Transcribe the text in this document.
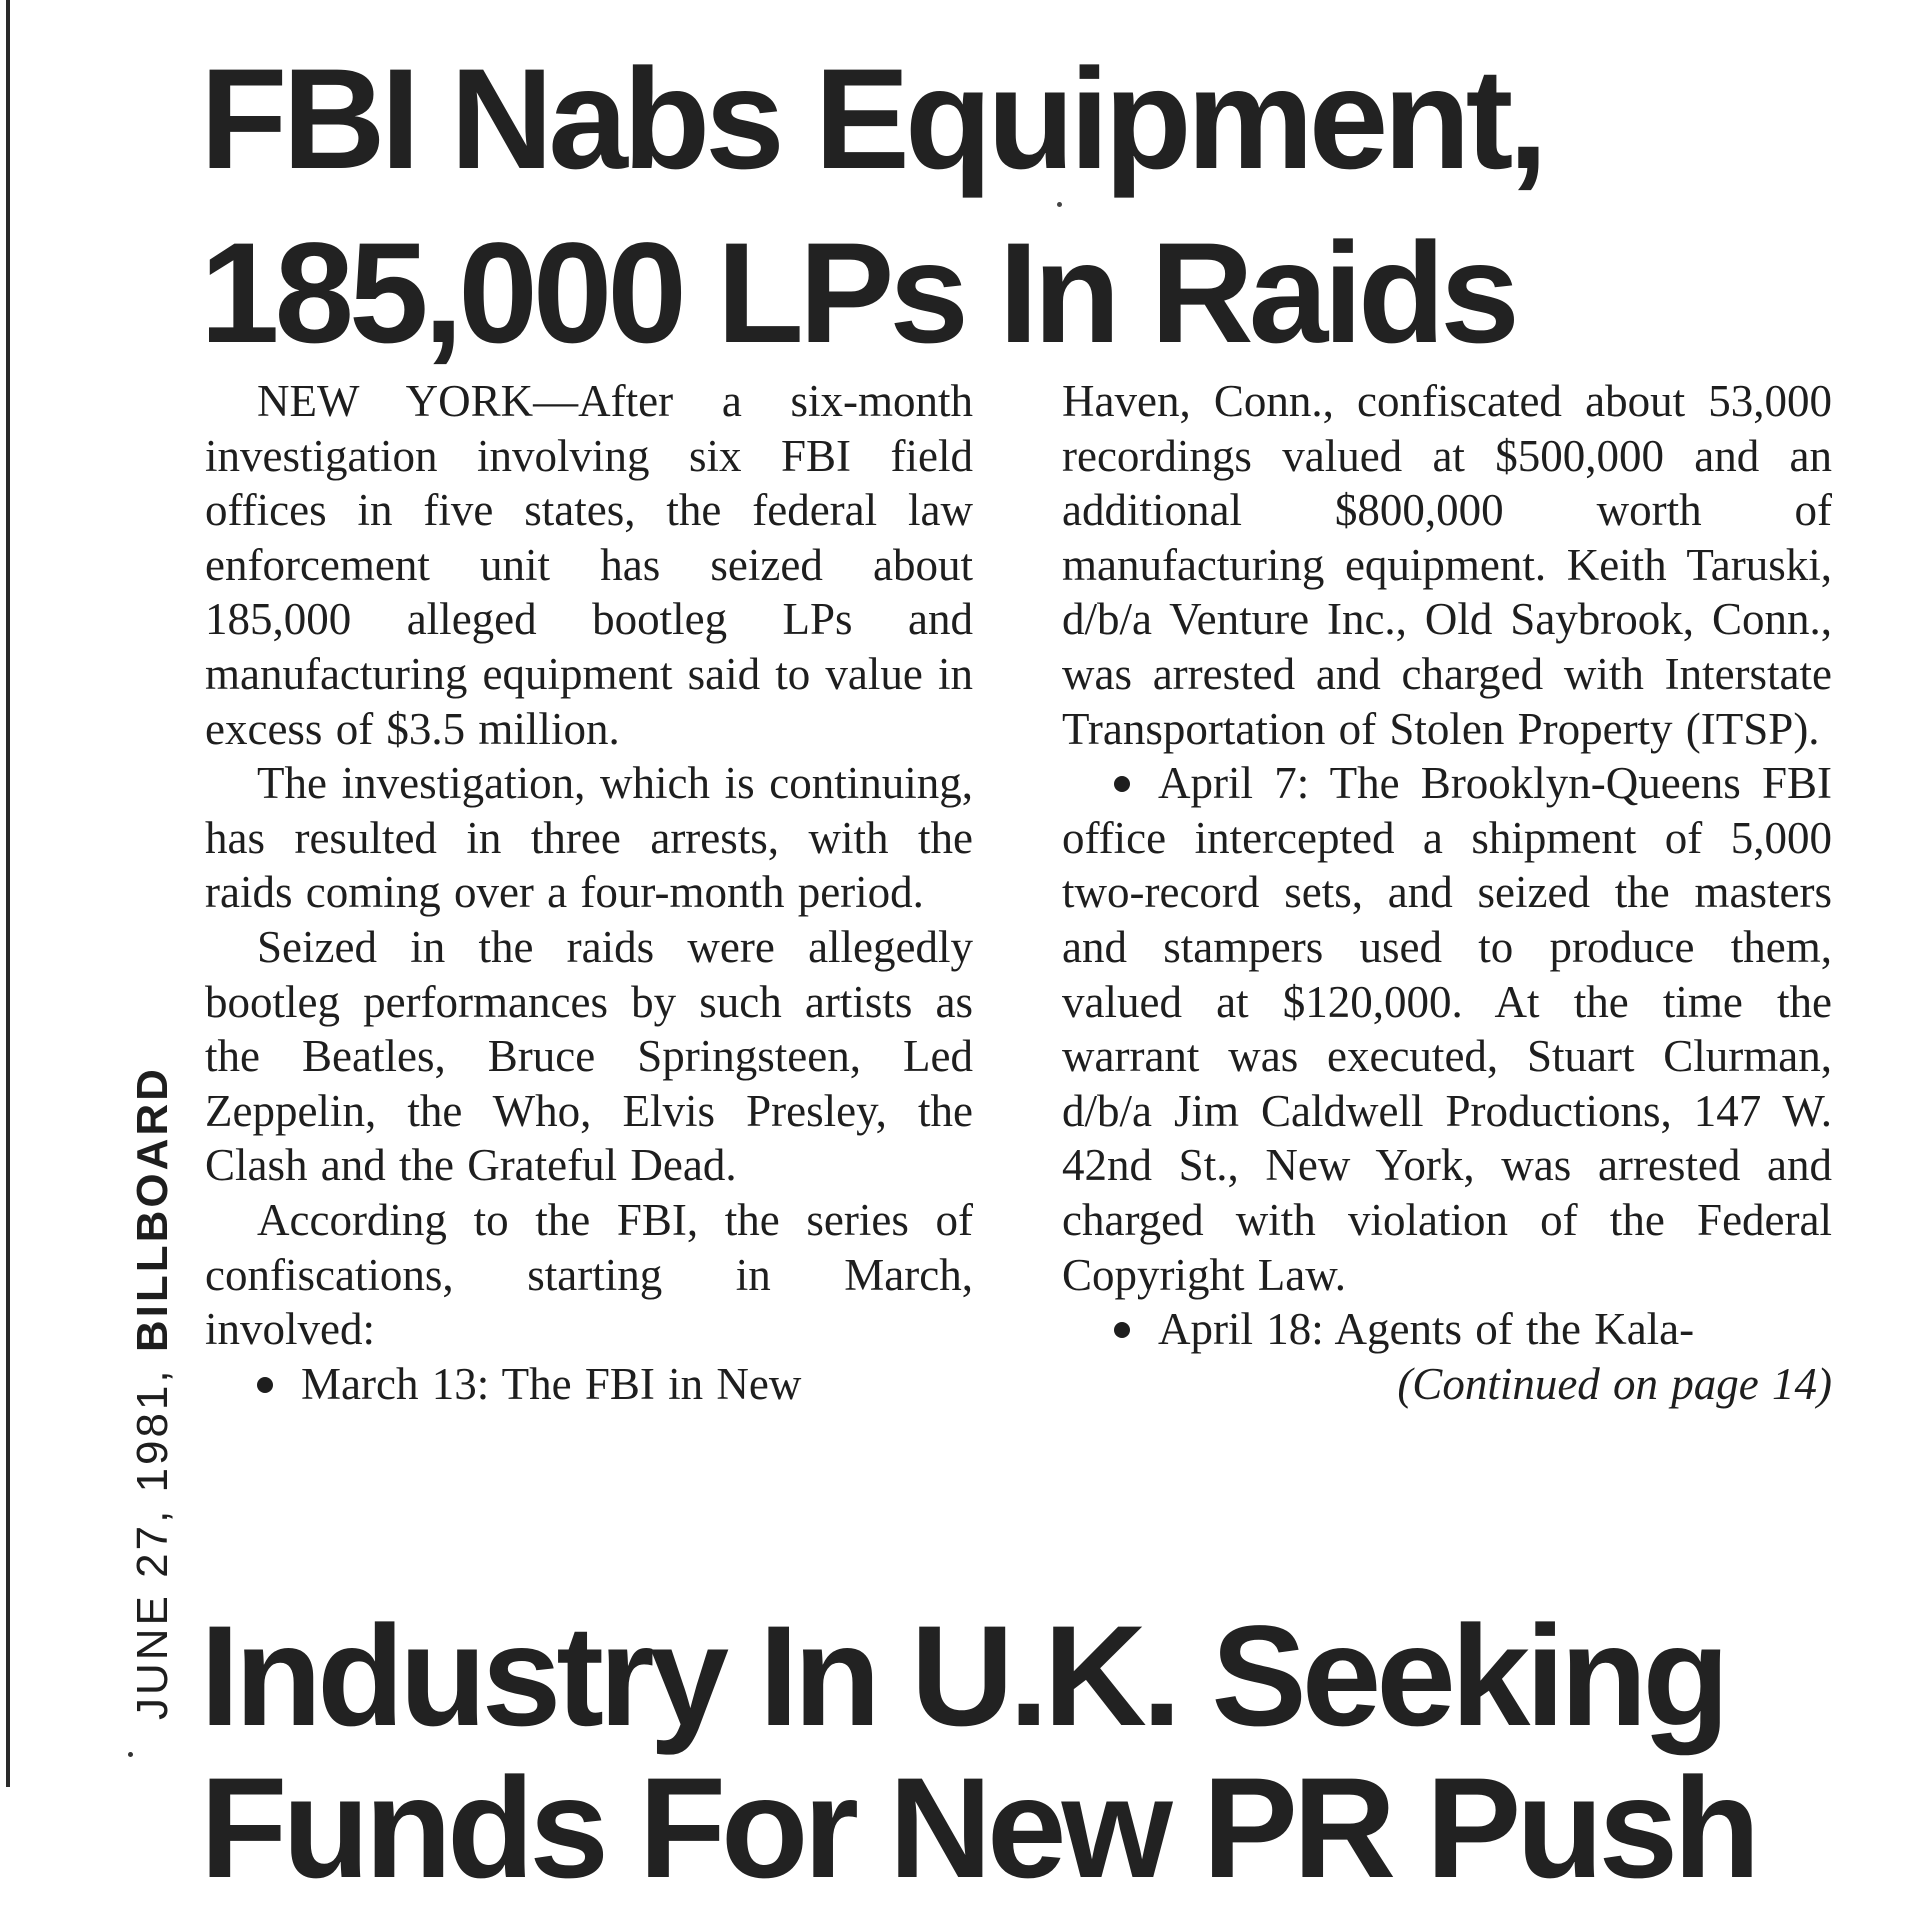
FBI Nabs Equipment,
185,000 LPs In Raids

NEW YORK—After a six-month investigation involving six FBI field offices in five states, the federal law enforcement unit has seized about 185,000 alleged bootleg LPs and manufacturing equipment said to value in excess of $3.5 million.

The investigation, which is continuing, has resulted in three arrests, with the raids coming over a four-month period.

Seized in the raids were allegedly bootleg performances by such artists as the Beatles, Bruce Springsteen, Led Zeppelin, the Who, Elvis Presley, the Clash and the Grateful Dead.

According to the FBI, the series of confiscations, starting in March, involved:

March 13: The FBI in New

Haven, Conn., confiscated about 53,000 recordings valued at $500,000 and an additional $800,000 worth of manufacturing equipment. Keith Taruski, d/b/a Venture Inc., Old Saybrook, Conn., was arrested and charged with Interstate Transportation of Stolen Property (ITSP).

April 7: The Brooklyn-Queens FBI office intercepted a shipment of 5,000 two-record sets, and seized the masters and stampers used to produce them, valued at $120,000. At the time the warrant was executed, Stuart Clurman, d/b/a Jim Caldwell Productions, 147 W. 42nd St., New York, was arrested and charged with violation of the Federal Copyright Law.

April 18: Agents of the Kala-

(Continued on page 14)

JUNE 27, 1981, BILLBOARD
Industry In U.K. Seeking
Funds For New PR Push
